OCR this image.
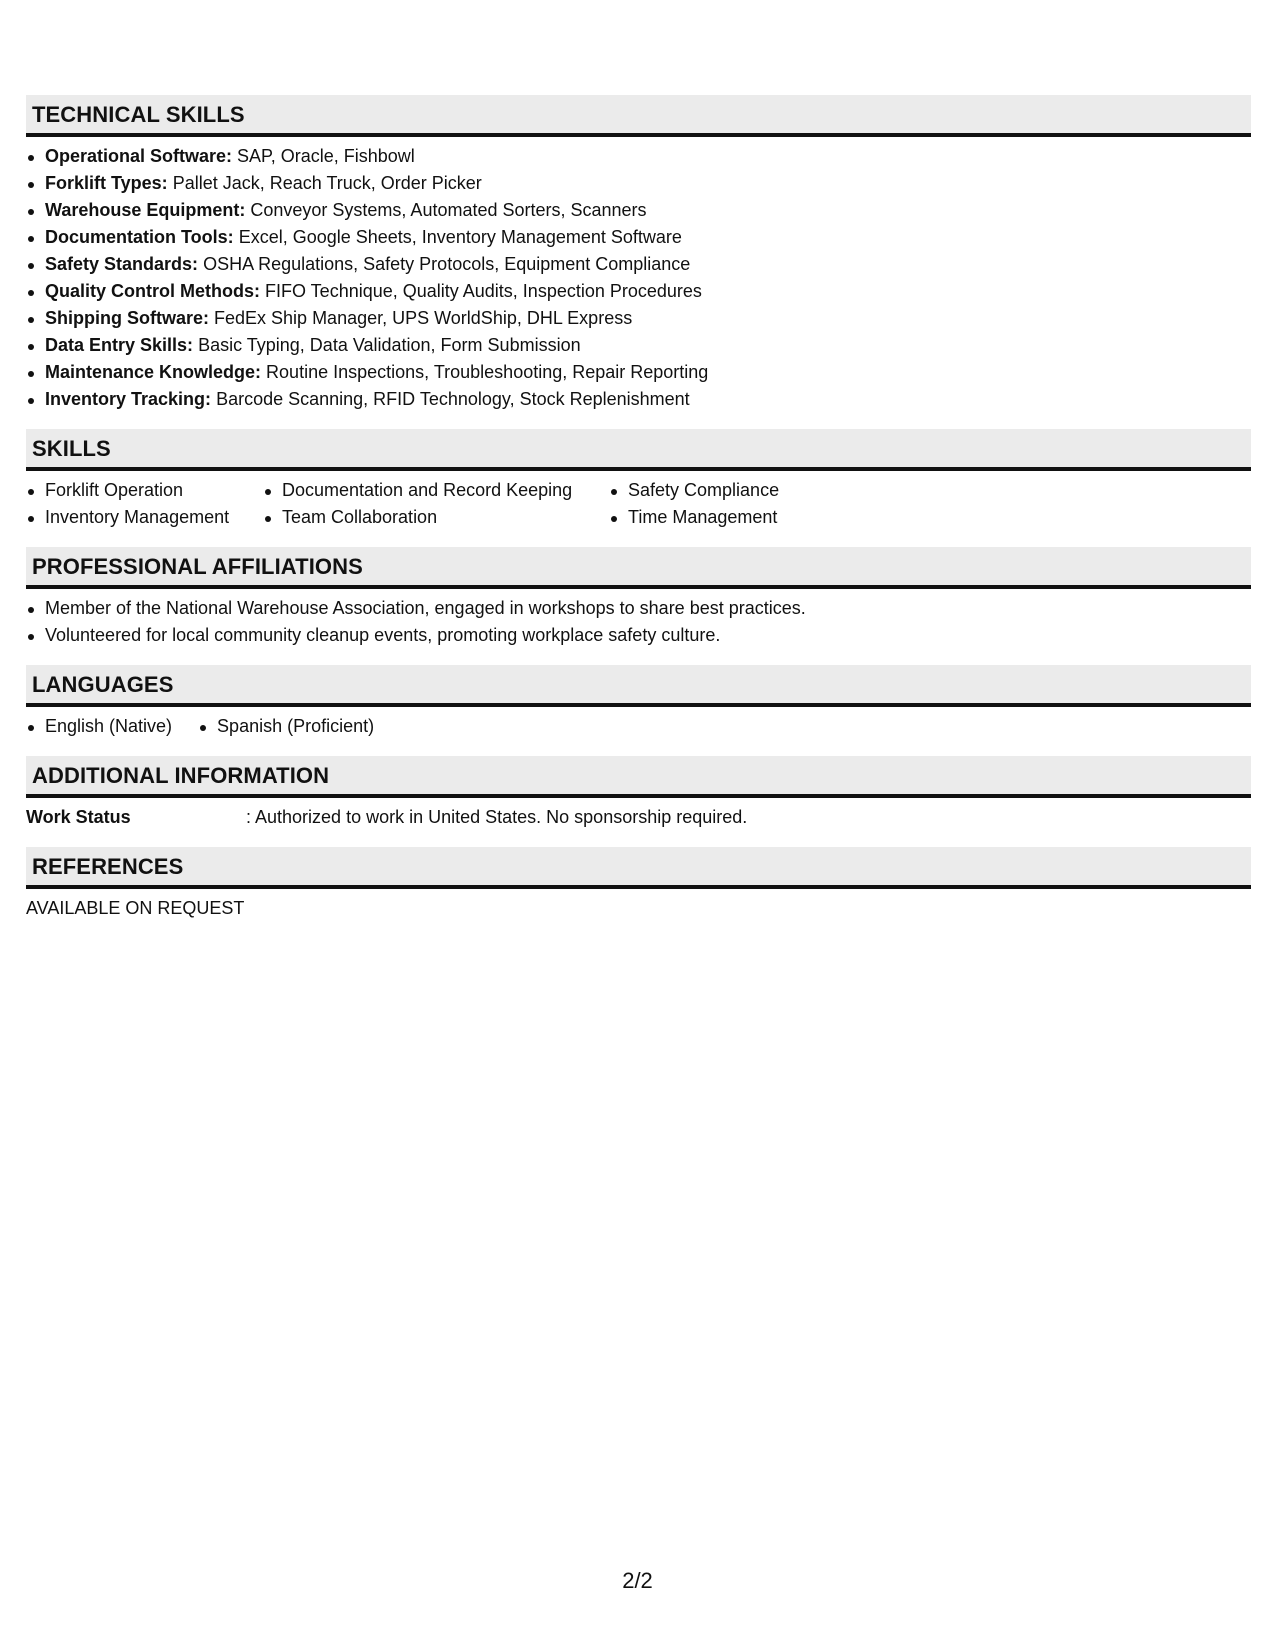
TECHNICAL SKILLS
Operational Software: SAP, Oracle, Fishbowl
Forklift Types: Pallet Jack, Reach Truck, Order Picker
Warehouse Equipment: Conveyor Systems, Automated Sorters, Scanners
Documentation Tools: Excel, Google Sheets, Inventory Management Software
Safety Standards: OSHA Regulations, Safety Protocols, Equipment Compliance
Quality Control Methods: FIFO Technique, Quality Audits, Inspection Procedures
Shipping Software: FedEx Ship Manager, UPS WorldShip, DHL Express
Data Entry Skills: Basic Typing, Data Validation, Form Submission
Maintenance Knowledge: Routine Inspections, Troubleshooting, Repair Reporting
Inventory Tracking: Barcode Scanning, RFID Technology, Stock Replenishment
SKILLS
Forklift Operation
Inventory Management
Documentation and Record Keeping
Team Collaboration
Safety Compliance
Time Management
PROFESSIONAL AFFILIATIONS
Member of the National Warehouse Association, engaged in workshops to share best practices.
Volunteered for local community cleanup events, promoting workplace safety culture.
LANGUAGES
English (Native)	Spanish (Proficient)
ADDITIONAL INFORMATION
Work Status	: Authorized to work in United States. No sponsorship required.
REFERENCES
AVAILABLE ON REQUEST
2/2
